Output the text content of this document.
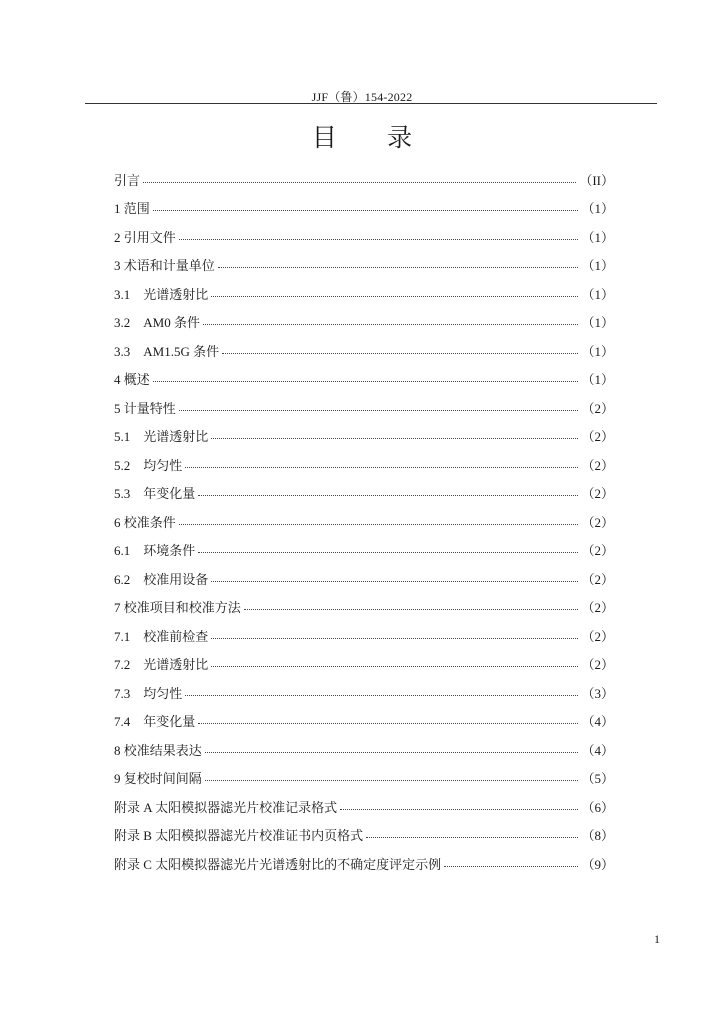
JJF（鲁）154-2022
目 录
引言	（II）
1 范围	（1）
2 引用文件	（1）
3 术语和计量单位	（1）
3.1　光谱透射比	（1）
3.2　AM0 条件	（1）
3.3　AM1.5G 条件	（1）
4 概述	（1）
5 计量特性	（2）
5.1　光谱透射比	（2）
5.2　均匀性	（2）
5.3　年变化量	（2）
6 校准条件	（2）
6.1　环境条件	（2）
6.2　校准用设备	（2）
7 校准项目和校准方法	（2）
7.1　校准前检查	（2）
7.2　光谱透射比	（2）
7.3　均匀性	（3）
7.4　年变化量	（4）
8 校准结果表达	（4）
9 复校时间间隔	（5）
附录 A 太阳模拟器滤光片校准记录格式	（6）
附录 B 太阳模拟器滤光片校准证书内页格式	（8）
附录 C 太阳模拟器滤光片光谱透射比的不确定度评定示例	（9）
1
